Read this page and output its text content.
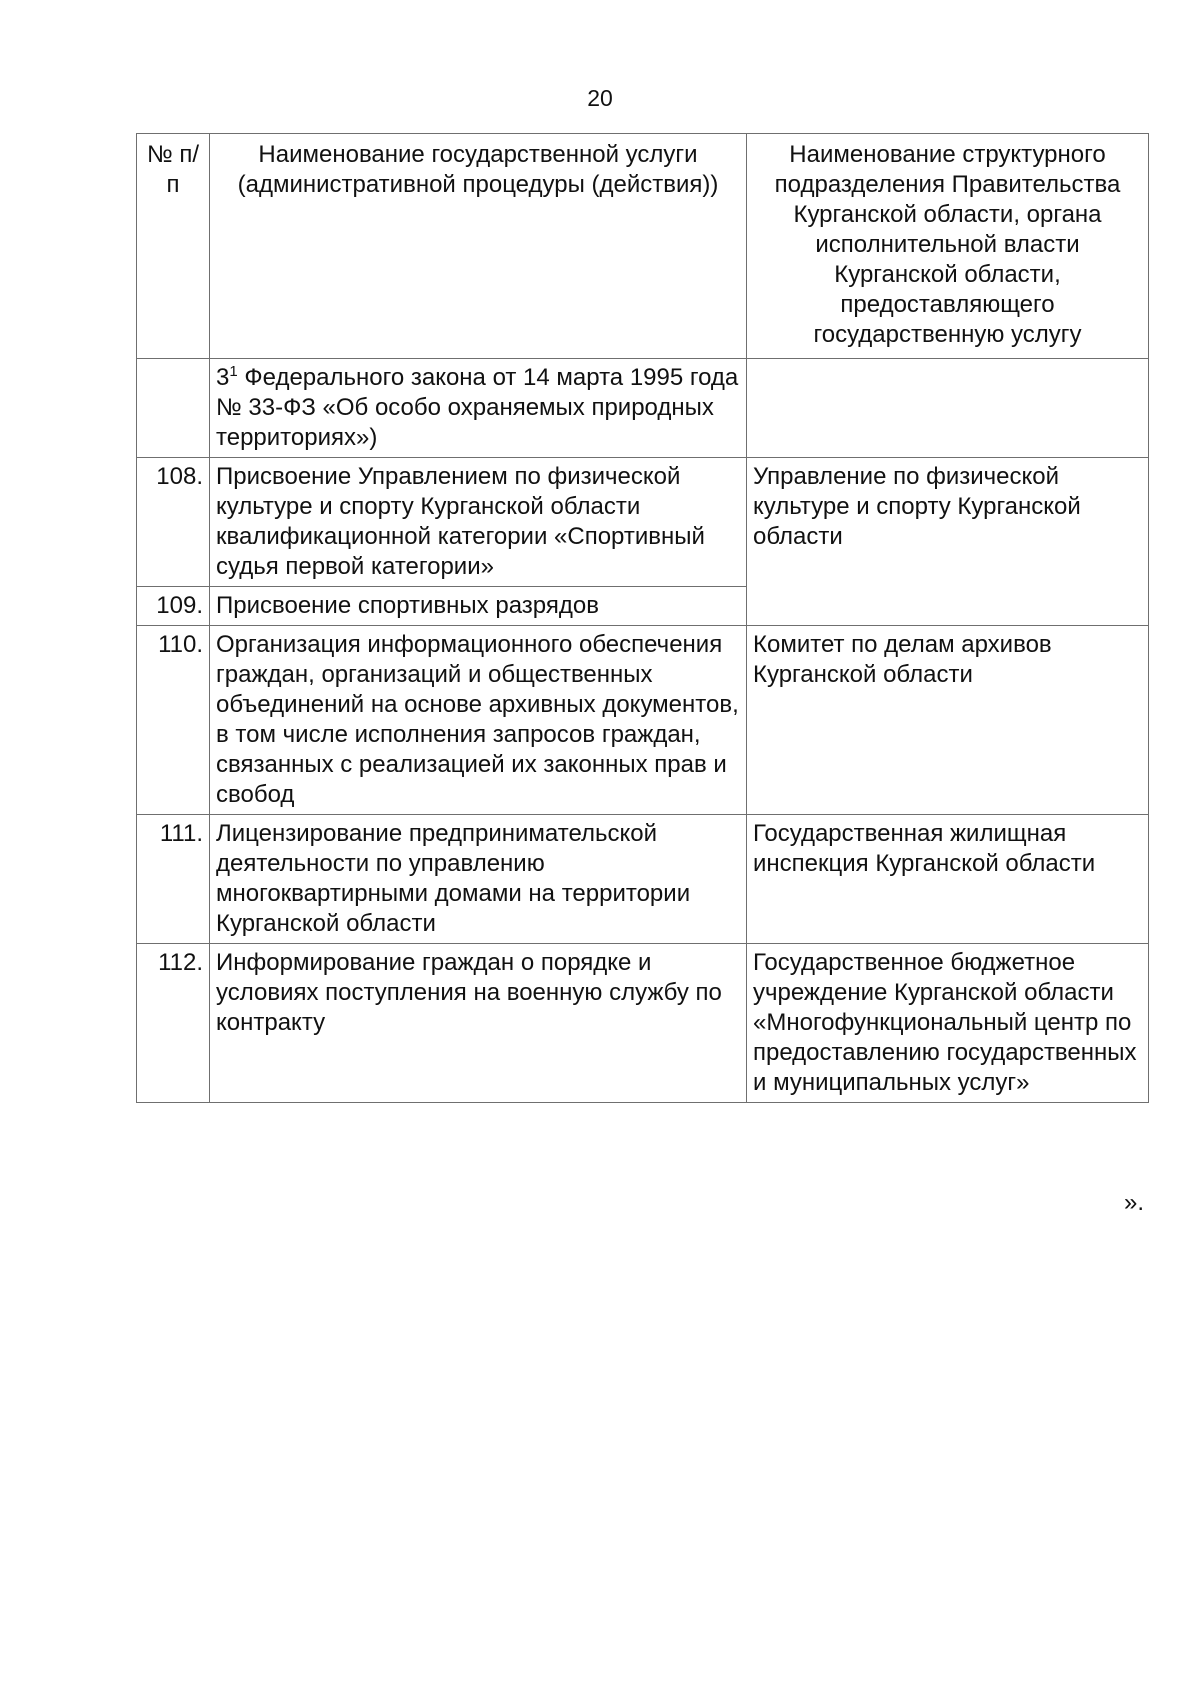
20
№ п/п	Наименование государственной услуги (административной процедуры (действия))	Наименование структурного подразделения Правительства Курганской области, органа исполнительной власти Курганской области, предоставляющего государственную услугу
	$3^1$ Федерального закона от 14 марта 1995 года № 33-ФЗ «Об особо охраняемых природных территориях»)	
108.	Присвоение Управлением по физической культуре и спорту Курганской области квалификационной категории «Спортивный судья первой категории»	Управление по физической культуре и спорту Курганской области
109.	Присвоение спортивных разрядов	
110.	Организация информационного обеспечения граждан, организаций и общественных объединений на основе архивных документов, в том числе исполнения запросов граждан, связанных с реализацией их законных прав и свобод	Комитет по делам архивов Курганской области
111.	Лицензирование предпринимательской деятельности по управлению многоквартирными домами на территории Курганской области	Государственная жилищная инспекция Курганской области
112.	Информирование граждан о порядке и условиях поступления на военную службу по контракту	Государственное бюджетное учреждение Курганской области «Многофункциональный центр по предоставлению государственных и муниципальных услуг»
».
